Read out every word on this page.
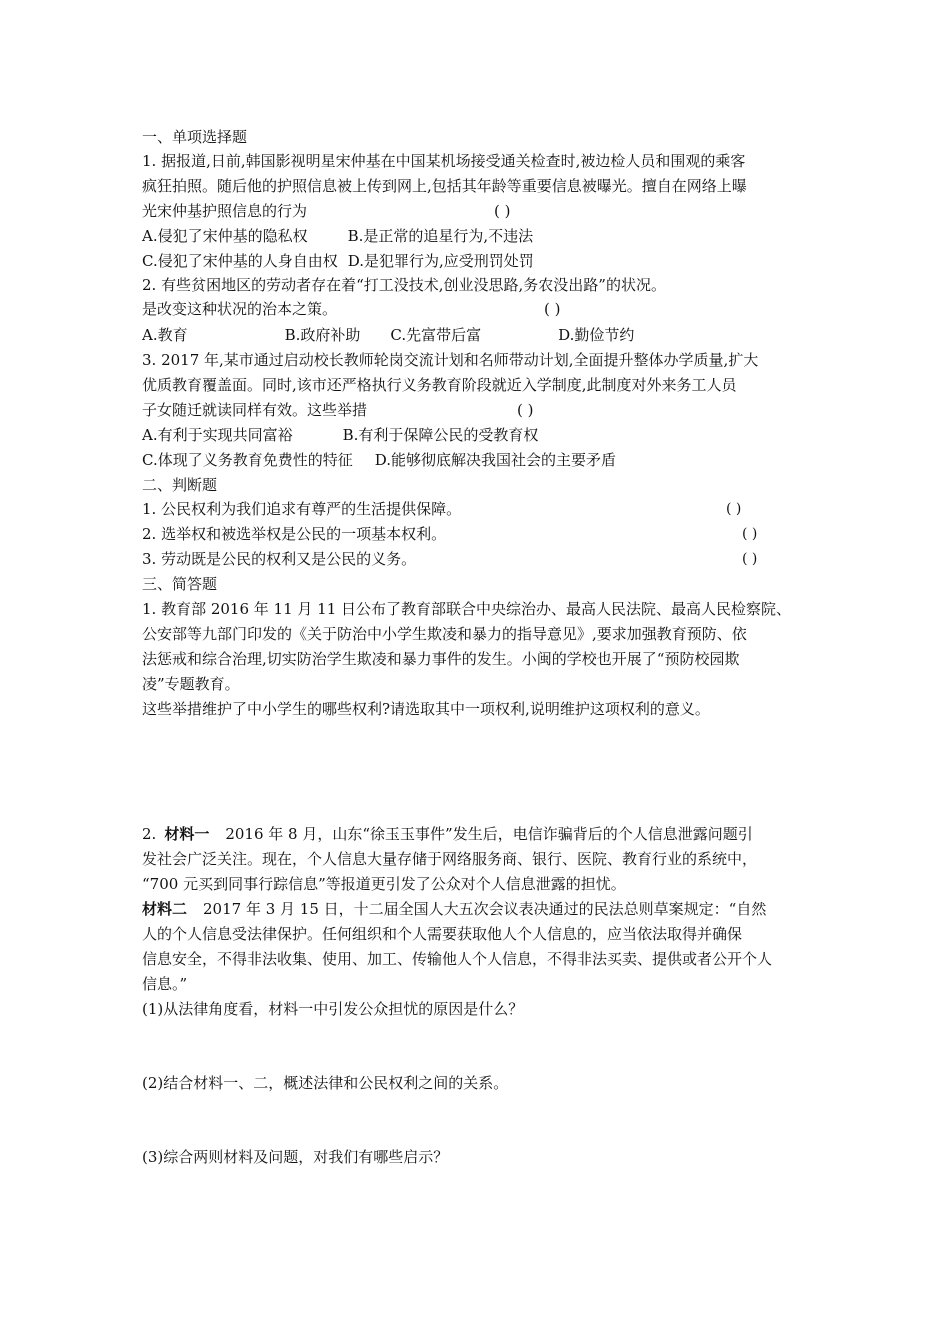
一、单项选择题
1. 据报道,日前,韩国影视明星宋仲基在中国某机场接受通关检查时,被边检人员和围观的乘客
疯狂拍照。随后他的护照信息被上传到网上,包括其年龄等重要信息被曝光。擅自在网络上曝
光宋仲基护照信息的行为	( )
A.侵犯了宋仲基的隐私权	B.是正常的追星行为,不违法
C.侵犯了宋仲基的人身自由权 D.是犯罪行为,应受刑罚处罚
2. 有些贫困地区的劳动者存在着“打工没技术,创业没思路,务农没出路”的状况。
是改变这种状况的治本之策。	( )
A.教育	B.政府补助 C.先富带后富	D.勤俭节约
3. 2017 年,某市通过启动校长教师轮岗交流计划和名师带动计划,全面提升整体办学质量,扩大
优质教育覆盖面。同时,该市还严格执行义务教育阶段就近入学制度,此制度对外来务工人员
子女随迁就读同样有效。这些举措	( )
A.有利于实现共同富裕	B.有利于保障公民的受教育权
C.体现了义务教育免费性的特征 D.能够彻底解决我国社会的主要矛盾
二、判断题
1. 公民权利为我们追求有尊严的生活提供保障。	( )
2. 选举权和被选举权是公民的一项基本权利。	( )
3. 劳动既是公民的权利又是公民的义务。	( )
三、简答题
1. 教育部 2016 年 11 月 11 日公布了教育部联合中央综治办、最高人民法院、最高人民检察院、
公安部等九部门印发的《关于防治中小学生欺凌和暴力的指导意见》,要求加强教育预防、依
法惩戒和综合治理,切实防治学生欺凌和暴力事件的发生。小闽的学校也开展了“预防校园欺
凌”专题教育。
这些举措维护了中小学生的哪些权利?请选取其中一项权利,说明维护这项权利的意义。
2. 材料一 2016 年 8 月，山东“徐玉玉事件”发生后，电信诈骗背后的个人信息泄露问题引
发社会广泛关注。现在，个人信息大量存储于网络服务商、银行、医院、教育行业的系统中，
“700 元买到同事行踪信息”等报道更引发了公众对个人信息泄露的担忧。
材料二 2017 年 3 月 15 日，十二届全国人大五次会议表决通过的民法总则草案规定：“自然
人的个人信息受法律保护。任何组织和个人需要获取他人个人信息的，应当依法取得并确保
信息安全，不得非法收集、使用、加工、传输他人个人信息，不得非法买卖、提供或者公开个人
信息。”
(1)从法律角度看，材料一中引发公众担忧的原因是什么？
(2)结合材料一、二，概述法律和公民权利之间的关系。
(3)综合两则材料及问题，对我们有哪些启示？
